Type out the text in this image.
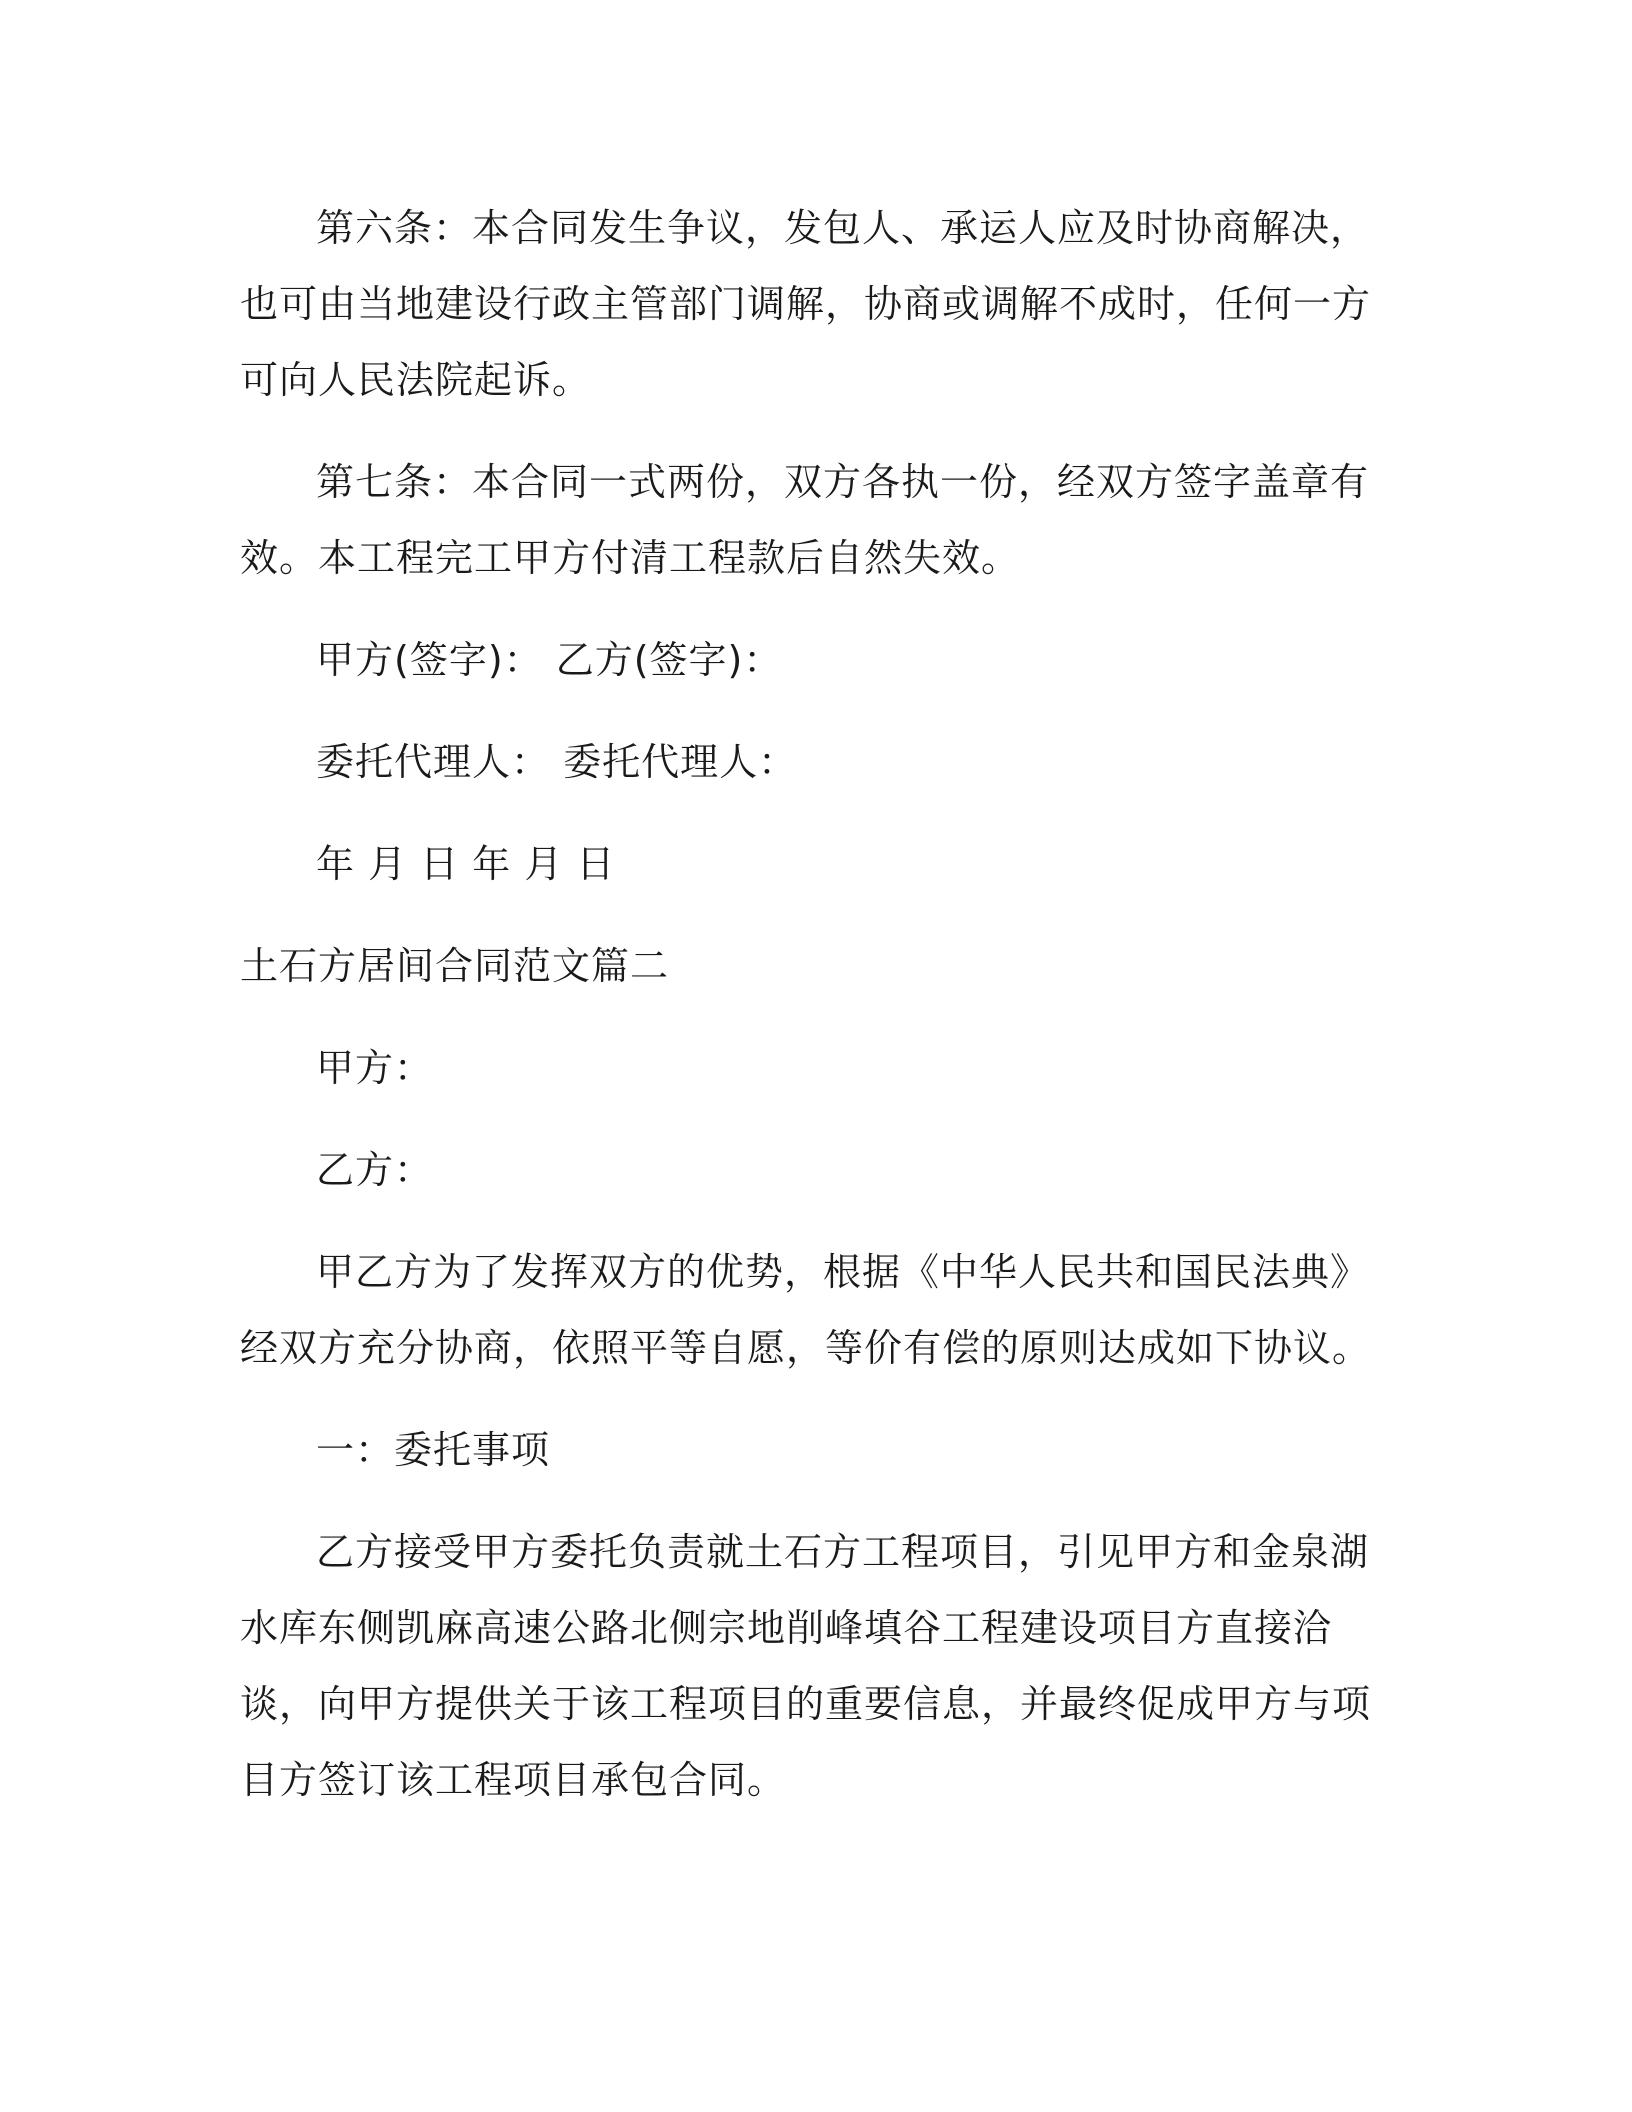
第六条：本合同发生争议，发包人、承运人应及时协商解决，也可由当地建设行政主管部门调解，协商或调解不成时，任何一方可向人民法院起诉。

第七条：本合同一式两份，双方各执一份，经双方签字盖章有效。本工程完工甲方付清工程款后自然失效。

甲方(签字)： 乙方(签字)：

委托代理人： 委托代理人：

年 月 日 年 月 日

土石方居间合同范文篇二

甲方：

乙方：

甲乙方为了发挥双方的优势，根据《中华人民共和国民法典》经双方充分协商，依照平等自愿，等价有偿的原则达成如下协议。

一：委托事项

乙方接受甲方委托负责就土石方工程项目，引见甲方和金泉湖水库东侧凯麻高速公路北侧宗地削峰填谷工程建设项目方直接洽谈，向甲方提供关于该工程项目的重要信息，并最终促成甲方与项目方签订该工程项目承包合同。
